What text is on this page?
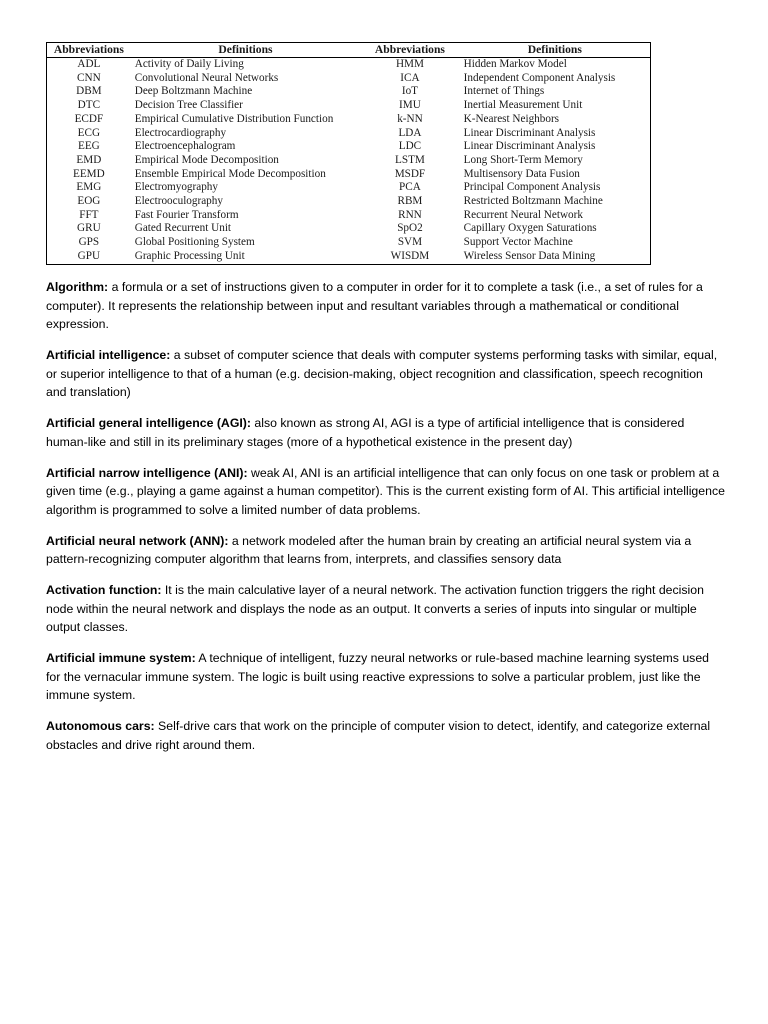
Abbreviations	Definitions	Abbreviations	Definitions
ADL	Activity of Daily Living	HMM	Hidden Markov Model
CNN	Convolutional Neural Networks	ICA	Independent Component Analysis
DBM	Deep Boltzmann Machine	IoT	Internet of Things
DTC	Decision Tree Classifier	IMU	Inertial Measurement Unit
ECDF	Empirical Cumulative Distribution Function	k-NN	K-Nearest Neighbors
ECG	Electrocardiography	LDA	Linear Discriminant Analysis
EEG	Electroencephalogram	LDC	Linear Discriminant Analysis
EMD	Empirical Mode Decomposition	LSTM	Long Short-Term Memory
EEMD	Ensemble Empirical Mode Decomposition	MSDF	Multisensory Data Fusion
EMG	Electromyography	PCA	Principal Component Analysis
EOG	Electrooculography	RBM	Restricted Boltzmann Machine
FFT	Fast Fourier Transform	RNN	Recurrent Neural Network
GRU	Gated Recurrent Unit	SpO2	Capillary Oxygen Saturations
GPS	Global Positioning System	SVM	Support Vector Machine
GPU	Graphic Processing Unit	WISDM	Wireless Sensor Data Mining

Algorithm: a formula or a set of instructions given to a computer in order for it to complete a task (i.e., a set of rules for a computer). It represents the relationship between input and resultant variables through a mathematical or conditional expression.

Artificial intelligence: a subset of computer science that deals with computer systems performing tasks with similar, equal, or superior intelligence to that of a human (e.g. decision-making, object recognition and classification, speech recognition and translation)

Artificial general intelligence (AGI): also known as strong AI, AGI is a type of artificial intelligence that is considered human-like and still in its preliminary stages (more of a hypothetical existence in the present day)

Artificial narrow intelligence (ANI): weak AI, ANI is an artificial intelligence that can only focus on one task or problem at a given time (e.g., playing a game against a human competitor). This is the current existing form of AI. This artificial intelligence algorithm is programmed to solve a limited number of data problems.

Artificial neural network (ANN): a network modeled after the human brain by creating an artificial neural system via a pattern-recognizing computer algorithm that learns from, interprets, and classifies sensory data

Activation function: It is the main calculative layer of a neural network. The activation function triggers the right decision node within the neural network and displays the node as an output. It converts a series of inputs into singular or multiple output classes.

Artificial immune system: A technique of intelligent, fuzzy neural networks or rule-based machine learning systems used for the vernacular immune system. The logic is built using reactive expressions to solve a particular problem, just like the immune system.

Autonomous cars: Self-drive cars that work on the principle of computer vision to detect, identify, and categorize external obstacles and drive right around them.
